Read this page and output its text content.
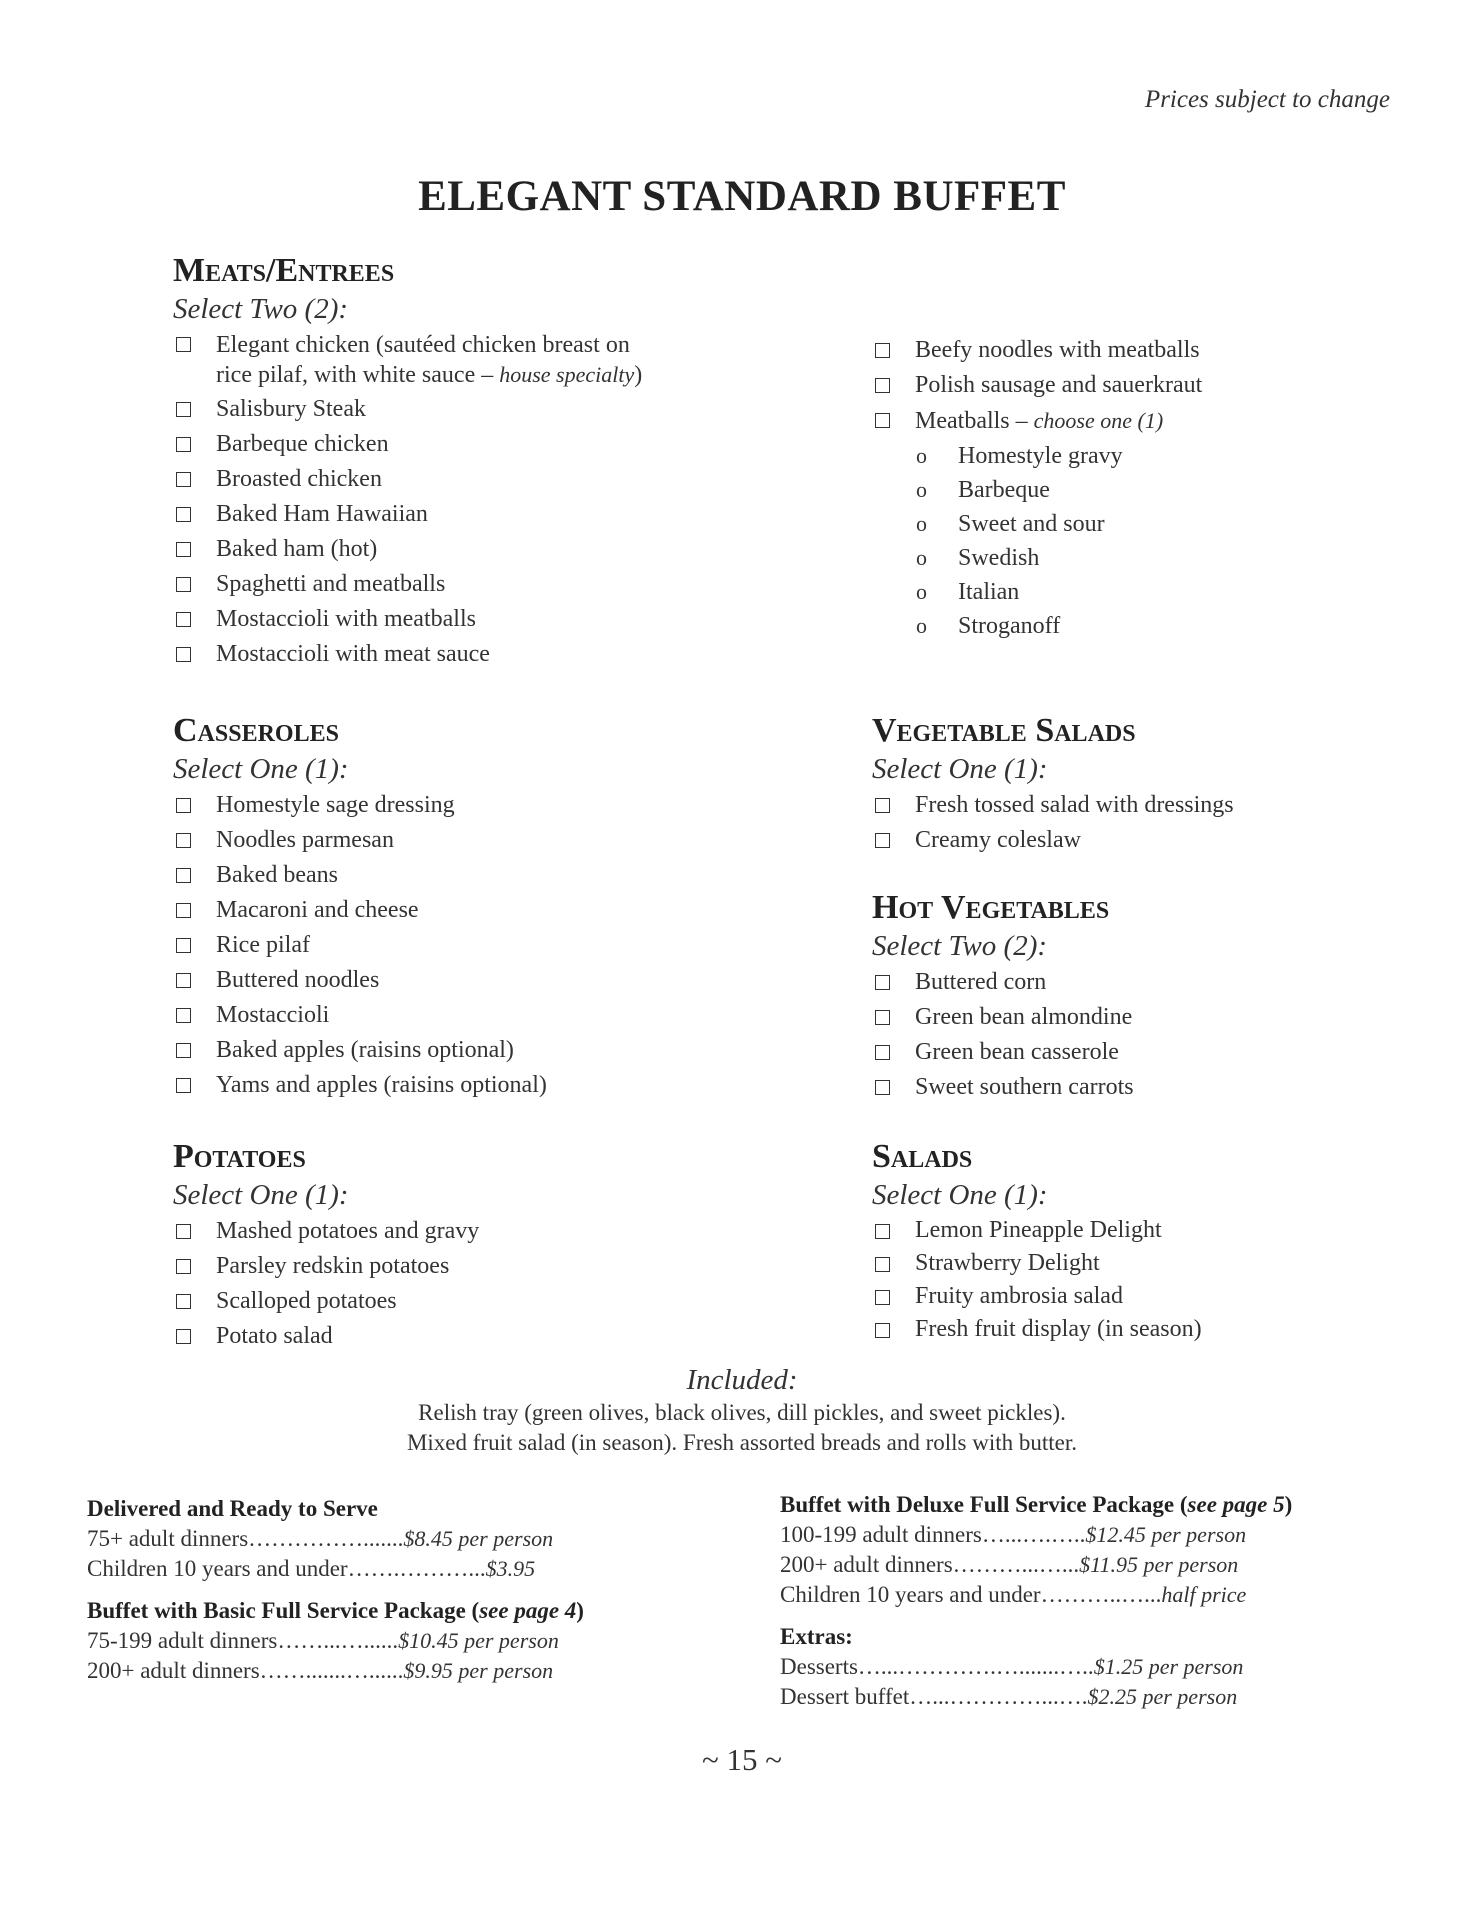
Prices subject to change
ELEGANT STANDARD BUFFET
Meats/Entrees
Select Two (2):
Elegant chicken (sautéed chicken breast on
rice pilaf, with white sauce – house specialty)
Salisbury Steak
Barbeque chicken
Broasted chicken
Baked Ham Hawaiian
Baked ham (hot)
Spaghetti and meatballs
Mostaccioli with meatballs
Mostaccioli with meat sauce
Beefy noodles with meatballs
Polish sausage and sauerkraut
Meatballs – choose one (1)
o Homestyle gravy
o Barbeque
o Sweet and sour
o Swedish
o Italian
o Stroganoff
Casseroles
Select One (1):
Homestyle sage dressing
Noodles parmesan
Baked beans
Macaroni and cheese
Rice pilaf
Buttered noodles
Mostaccioli
Baked apples (raisins optional)
Yams and apples (raisins optional)
Vegetable Salads
Select One (1):
Fresh tossed salad with dressings
Creamy coleslaw
Hot Vegetables
Select Two (2):
Buttered corn
Green bean almondine
Green bean casserole
Sweet southern carrots
Potatoes
Select One (1):
Mashed potatoes and gravy
Parsley redskin potatoes
Scalloped potatoes
Potato salad
Salads
Select One (1):
Lemon Pineapple Delight
Strawberry Delight
Fruity ambrosia salad
Fresh fruit display (in season)
Included:
Relish tray (green olives, black olives, dill pickles, and sweet pickles).
Mixed fruit salad (in season). Fresh assorted breads and rolls with butter.
Delivered and Ready to Serve
75+ adult dinners…………….......$8.45 per person
Children 10 years and under…….………...$3.95
Buffet with Basic Full Service Package (see page 4)
75-199 adult dinners……...…......$10.45 per person
200+ adult dinners…….......…......$9.95 per person
Buffet with Deluxe Full Service Package (see page 5)
100-199 adult dinners…...….…..$12.45 per person
200+ adult dinners………...…...$11.95 per person
Children 10 years and under………..…...half price
Extras:
Desserts…...………….….......…..$1.25 per person
Dessert buffet…...…………...….$2.25 per person
~ 15 ~
